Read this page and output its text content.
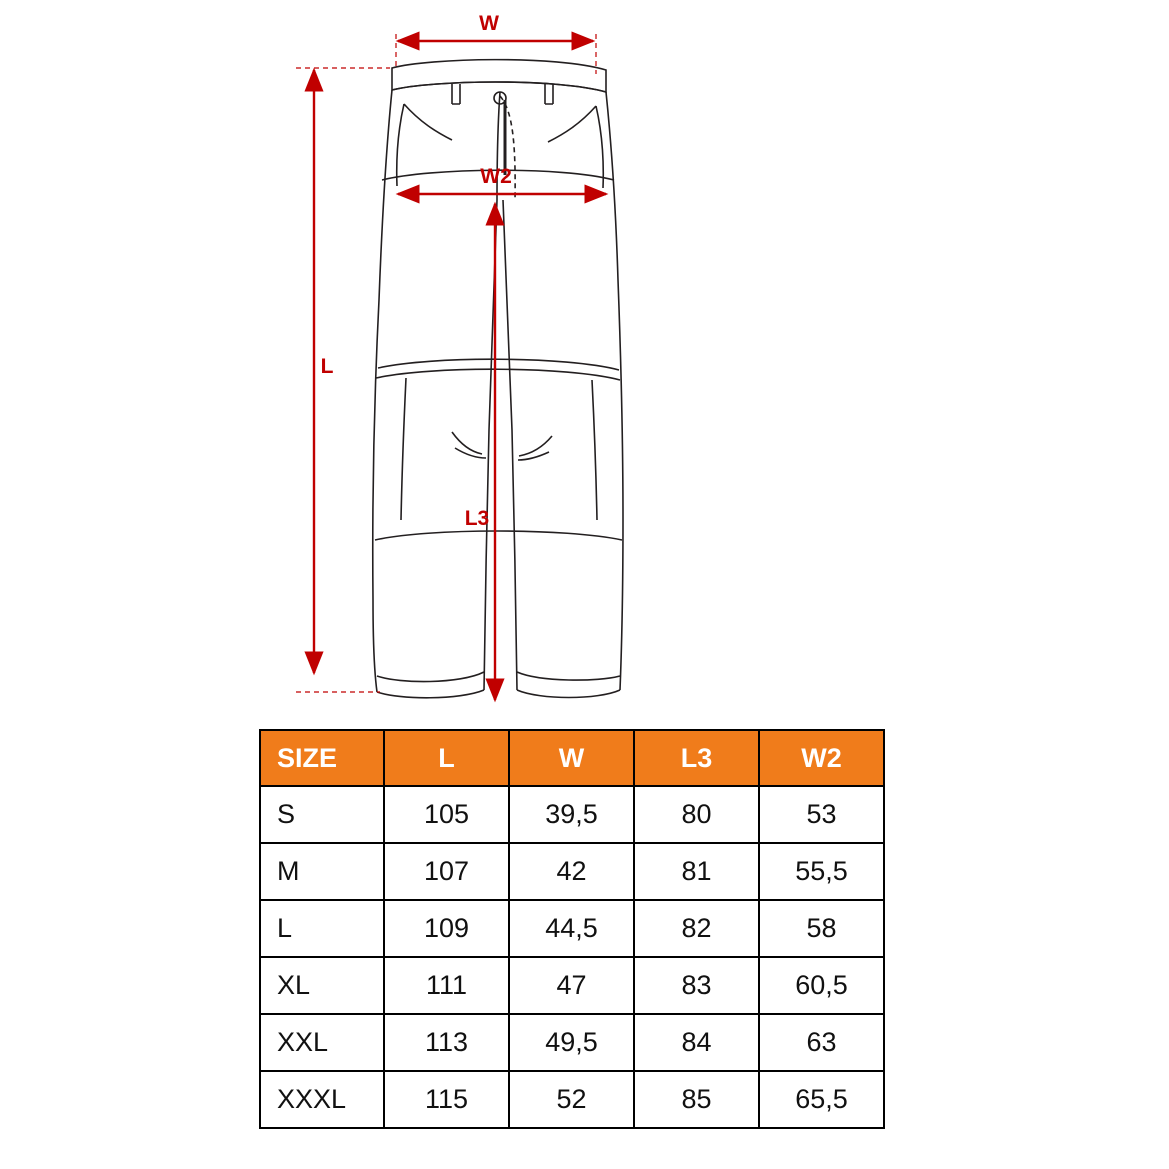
W
W2
L
L3
SIZE	L	W	L3	W2
S	105	39,5	80	53
M	107	42	81	55,5
L	109	44,5	82	58
XL	111	47	83	60,5
XXL	113	49,5	84	63
XXXL	115	52	85	65,5
